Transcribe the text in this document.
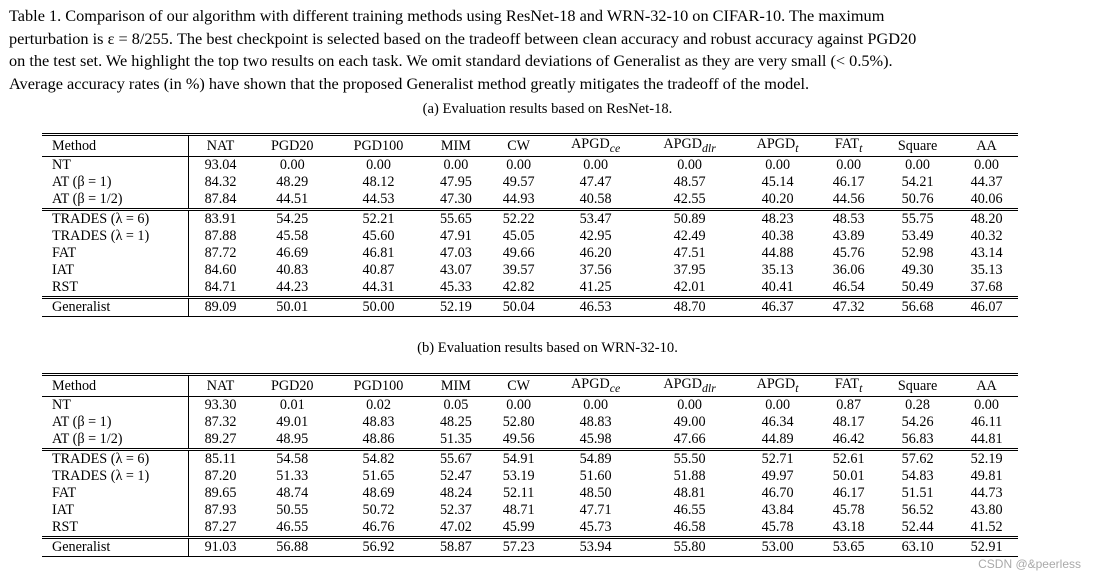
Table 1. Comparison of our algorithm with different training methods using ResNet-18 and WRN-32-10 on CIFAR-10. The maximum
perturbation is ε = 8/255. The best checkpoint is selected based on the tradeoff between clean accuracy and robust accuracy against PGD20
on the test set. We highlight the top two results on each task. We omit standard deviations of Generalist as they are very small (< 0.5%).
Average accuracy rates (in %) have shown that the proposed Generalist method greatly mitigates the tradeoff of the model.
(a) Evaluation results based on ResNet-18.
Method	NAT	PGD20	PGD100	MIM	CW	$APGD_{ce}$	$APGD_{dlr}$	$APGD_t$	$FAT_t$	Square	AA
NT	93.04	0.00	0.00	0.00	0.00	0.00	0.00	0.00	0.00	0.00	0.00
AT (β = 1)	84.32	48.29	48.12	47.95	49.57	47.47	48.57	45.14	46.17	54.21	44.37
AT (β = 1/2)	87.84	44.51	44.53	47.30	44.93	40.58	42.55	40.20	44.56	50.76	40.06
TRADES (λ = 6)	83.91	54.25	52.21	55.65	52.22	53.47	50.89	48.23	48.53	55.75	48.20
TRADES (λ = 1)	87.88	45.58	45.60	47.91	45.05	42.95	42.49	40.38	43.89	53.49	40.32
FAT	87.72	46.69	46.81	47.03	49.66	46.20	47.51	44.88	45.76	52.98	43.14
IAT	84.60	40.83	40.87	43.07	39.57	37.56	37.95	35.13	36.06	49.30	35.13
RST	84.71	44.23	44.31	45.33	42.82	41.25	42.01	40.41	46.54	50.49	37.68
Generalist	89.09	50.01	50.00	52.19	50.04	46.53	48.70	46.37	47.32	56.68	46.07
(b) Evaluation results based on WRN-32-10.
Method	NAT	PGD20	PGD100	MIM	CW	$APGD_{ce}$	$APGD_{dlr}$	$APGD_t$	$FAT_t$	Square	AA
NT	93.30	0.01	0.02	0.05	0.00	0.00	0.00	0.00	0.87	0.28	0.00
AT (β = 1)	87.32	49.01	48.83	48.25	52.80	48.83	49.00	46.34	48.17	54.26	46.11
AT (β = 1/2)	89.27	48.95	48.86	51.35	49.56	45.98	47.66	44.89	46.42	56.83	44.81
TRADES (λ = 6)	85.11	54.58	54.82	55.67	54.91	54.89	55.50	52.71	52.61	57.62	52.19
TRADES (λ = 1)	87.20	51.33	51.65	52.47	53.19	51.60	51.88	49.97	50.01	54.83	49.81
FAT	89.65	48.74	48.69	48.24	52.11	48.50	48.81	46.70	46.17	51.51	44.73
IAT	87.93	50.55	50.72	52.37	48.71	47.71	46.55	43.84	45.78	56.52	43.80
RST	87.27	46.55	46.76	47.02	45.99	45.73	46.58	45.78	43.18	52.44	41.52
Generalist	91.03	56.88	56.92	58.87	57.23	53.94	55.80	53.00	53.65	63.10	52.91
CSDN @&peerless
